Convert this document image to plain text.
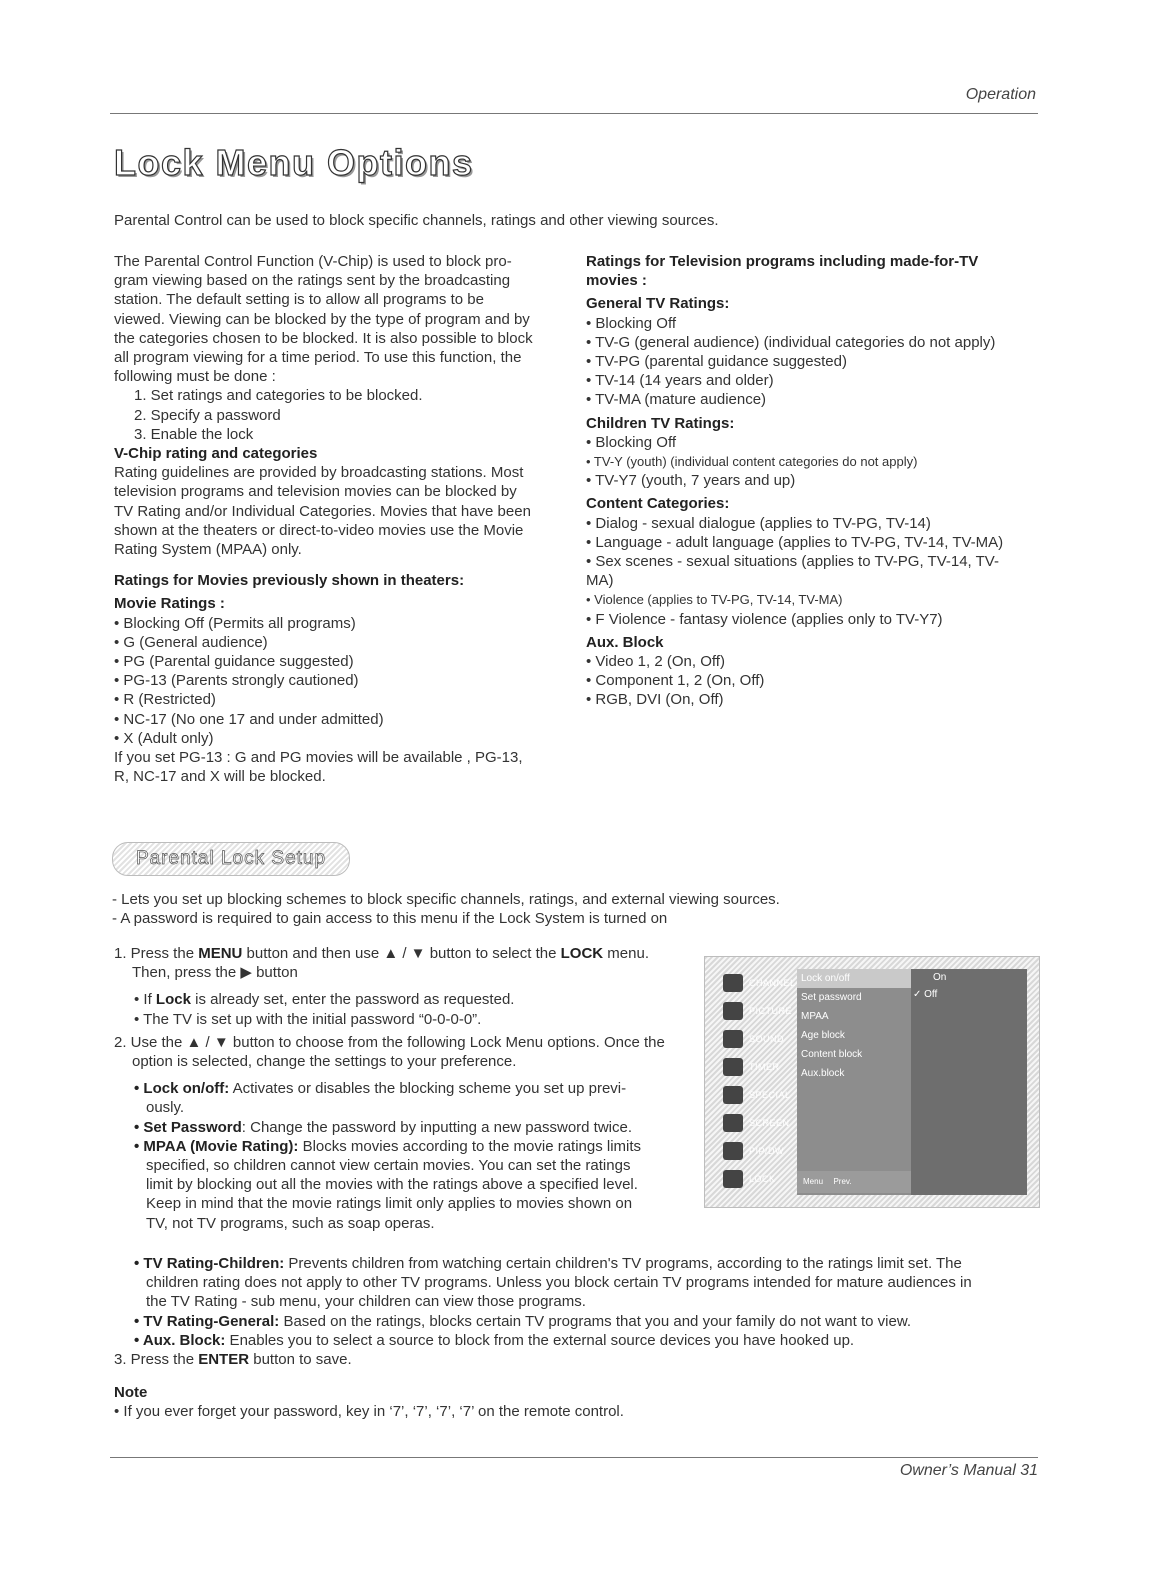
Operation
Lock Menu Options
Parental Control can be used to block specific channels, ratings and other viewing sources.

The Parental Control Function (V-Chip) is used to block pro-

gram viewing based on the ratings sent by the broadcasting

station. The default setting is to allow all programs to be

viewed. Viewing can be blocked by the type of program and by

the categories chosen to be blocked. It is also possible to block

all program viewing for a time period. To use this function, the

following must be done :

1. Set ratings and categories to be blocked.

2. Specify a password

3. Enable the lock

V-Chip rating and categories

Rating guidelines are provided by broadcasting stations. Most

television programs and television movies can be blocked by

TV Rating and/or Individual Categories. Movies that have been

shown at the theaters or direct-to-video movies use the Movie

Rating System (MPAA) only.

Ratings for Movies previously shown in theaters:

Movie Ratings :

• Blocking Off (Permits all programs)

• G (General audience)

• PG (Parental guidance suggested)

• PG-13 (Parents strongly cautioned)

• R (Restricted)

• NC-17 (No one 17 and under admitted)

• X (Adult only)

If you set PG-13 : G and PG movies will be available , PG-13,

R, NC-17 and X will be blocked.

Ratings for Television programs including made-for-TV

movies :

General TV Ratings:

• Blocking Off

• TV-G (general audience) (individual categories do not apply)

• TV-PG (parental guidance suggested)

• TV-14 (14 years and older)

• TV-MA (mature audience)

Children TV Ratings:

• Blocking Off

• TV-Y (youth) (individual content categories do not apply)

• TV-Y7 (youth, 7 years and up)

Content Categories:

• Dialog - sexual dialogue (applies to TV-PG, TV-14)

• Language - adult language (applies to TV-PG, TV-14, TV-MA)

• Sex scenes - sexual situations (applies to TV-PG, TV-14, TV-

MA)

• Violence (applies to TV-PG, TV-14, TV-MA)

• F Violence - fantasy violence (applies only to TV-Y7)

Aux. Block

• Video 1, 2 (On, Off)

• Component 1, 2 (On, Off)

• RGB, DVI (On, Off)

Parental Lock Setup

- Lets you set up blocking schemes to block specific channels, ratings, and external viewing sources.

- A password is required to gain access to this menu if the Lock System is turned on

1. Press the MENU button and then use ▲ / ▼ button to select the LOCK menu.

Then, press the ▶ button

• If Lock is already set, enter the password as requested.

• The TV is set up with the initial password “0-0-0-0”.

2. Use the ▲ / ▼ button to choose from the following Lock Menu options. Once the

option is selected, change the settings to your preference.

• Lock on/off: Activates or disables the blocking scheme you set up previ-

ously.

• Set Password: Change the password by inputting a new password twice.

• MPAA (Movie Rating): Blocks movies according to the movie ratings limits

specified, so children cannot view certain movies. You can set the ratings

limit by blocking out all the movies with the ratings above a specified level.

Keep in mind that the movie ratings limit only applies to movies shown on

TV, not TV programs, such as soap operas.

• TV Rating-Children: Prevents children from watching certain children's TV programs, according to the ratings limit set. The

children rating does not apply to other TV programs. Unless you block certain TV programs intended for mature audiences in

the TV Rating - sub menu, your children can view those programs.

• TV Rating-General: Based on the ratings, blocks certain TV programs that you and your family do not want to view.

• Aux. Block: Enables you to select a source to block from the external source devices you have hooked up.

3. Press the ENTER button to save.

Note

• If you ever forget your password, key in ‘7’, ‘7’, ‘7’, ‘7’ on the remote control.

CHANNEL
PICTURE
SOUND
TIMER
SPECIAL
SCREEN
PIP/DW
LOCK
Lock on/off
Set password
MPAA
Age block
Content block
Aux.block
On
✓ Off
Menu Prev.
Owner’s Manual 31
